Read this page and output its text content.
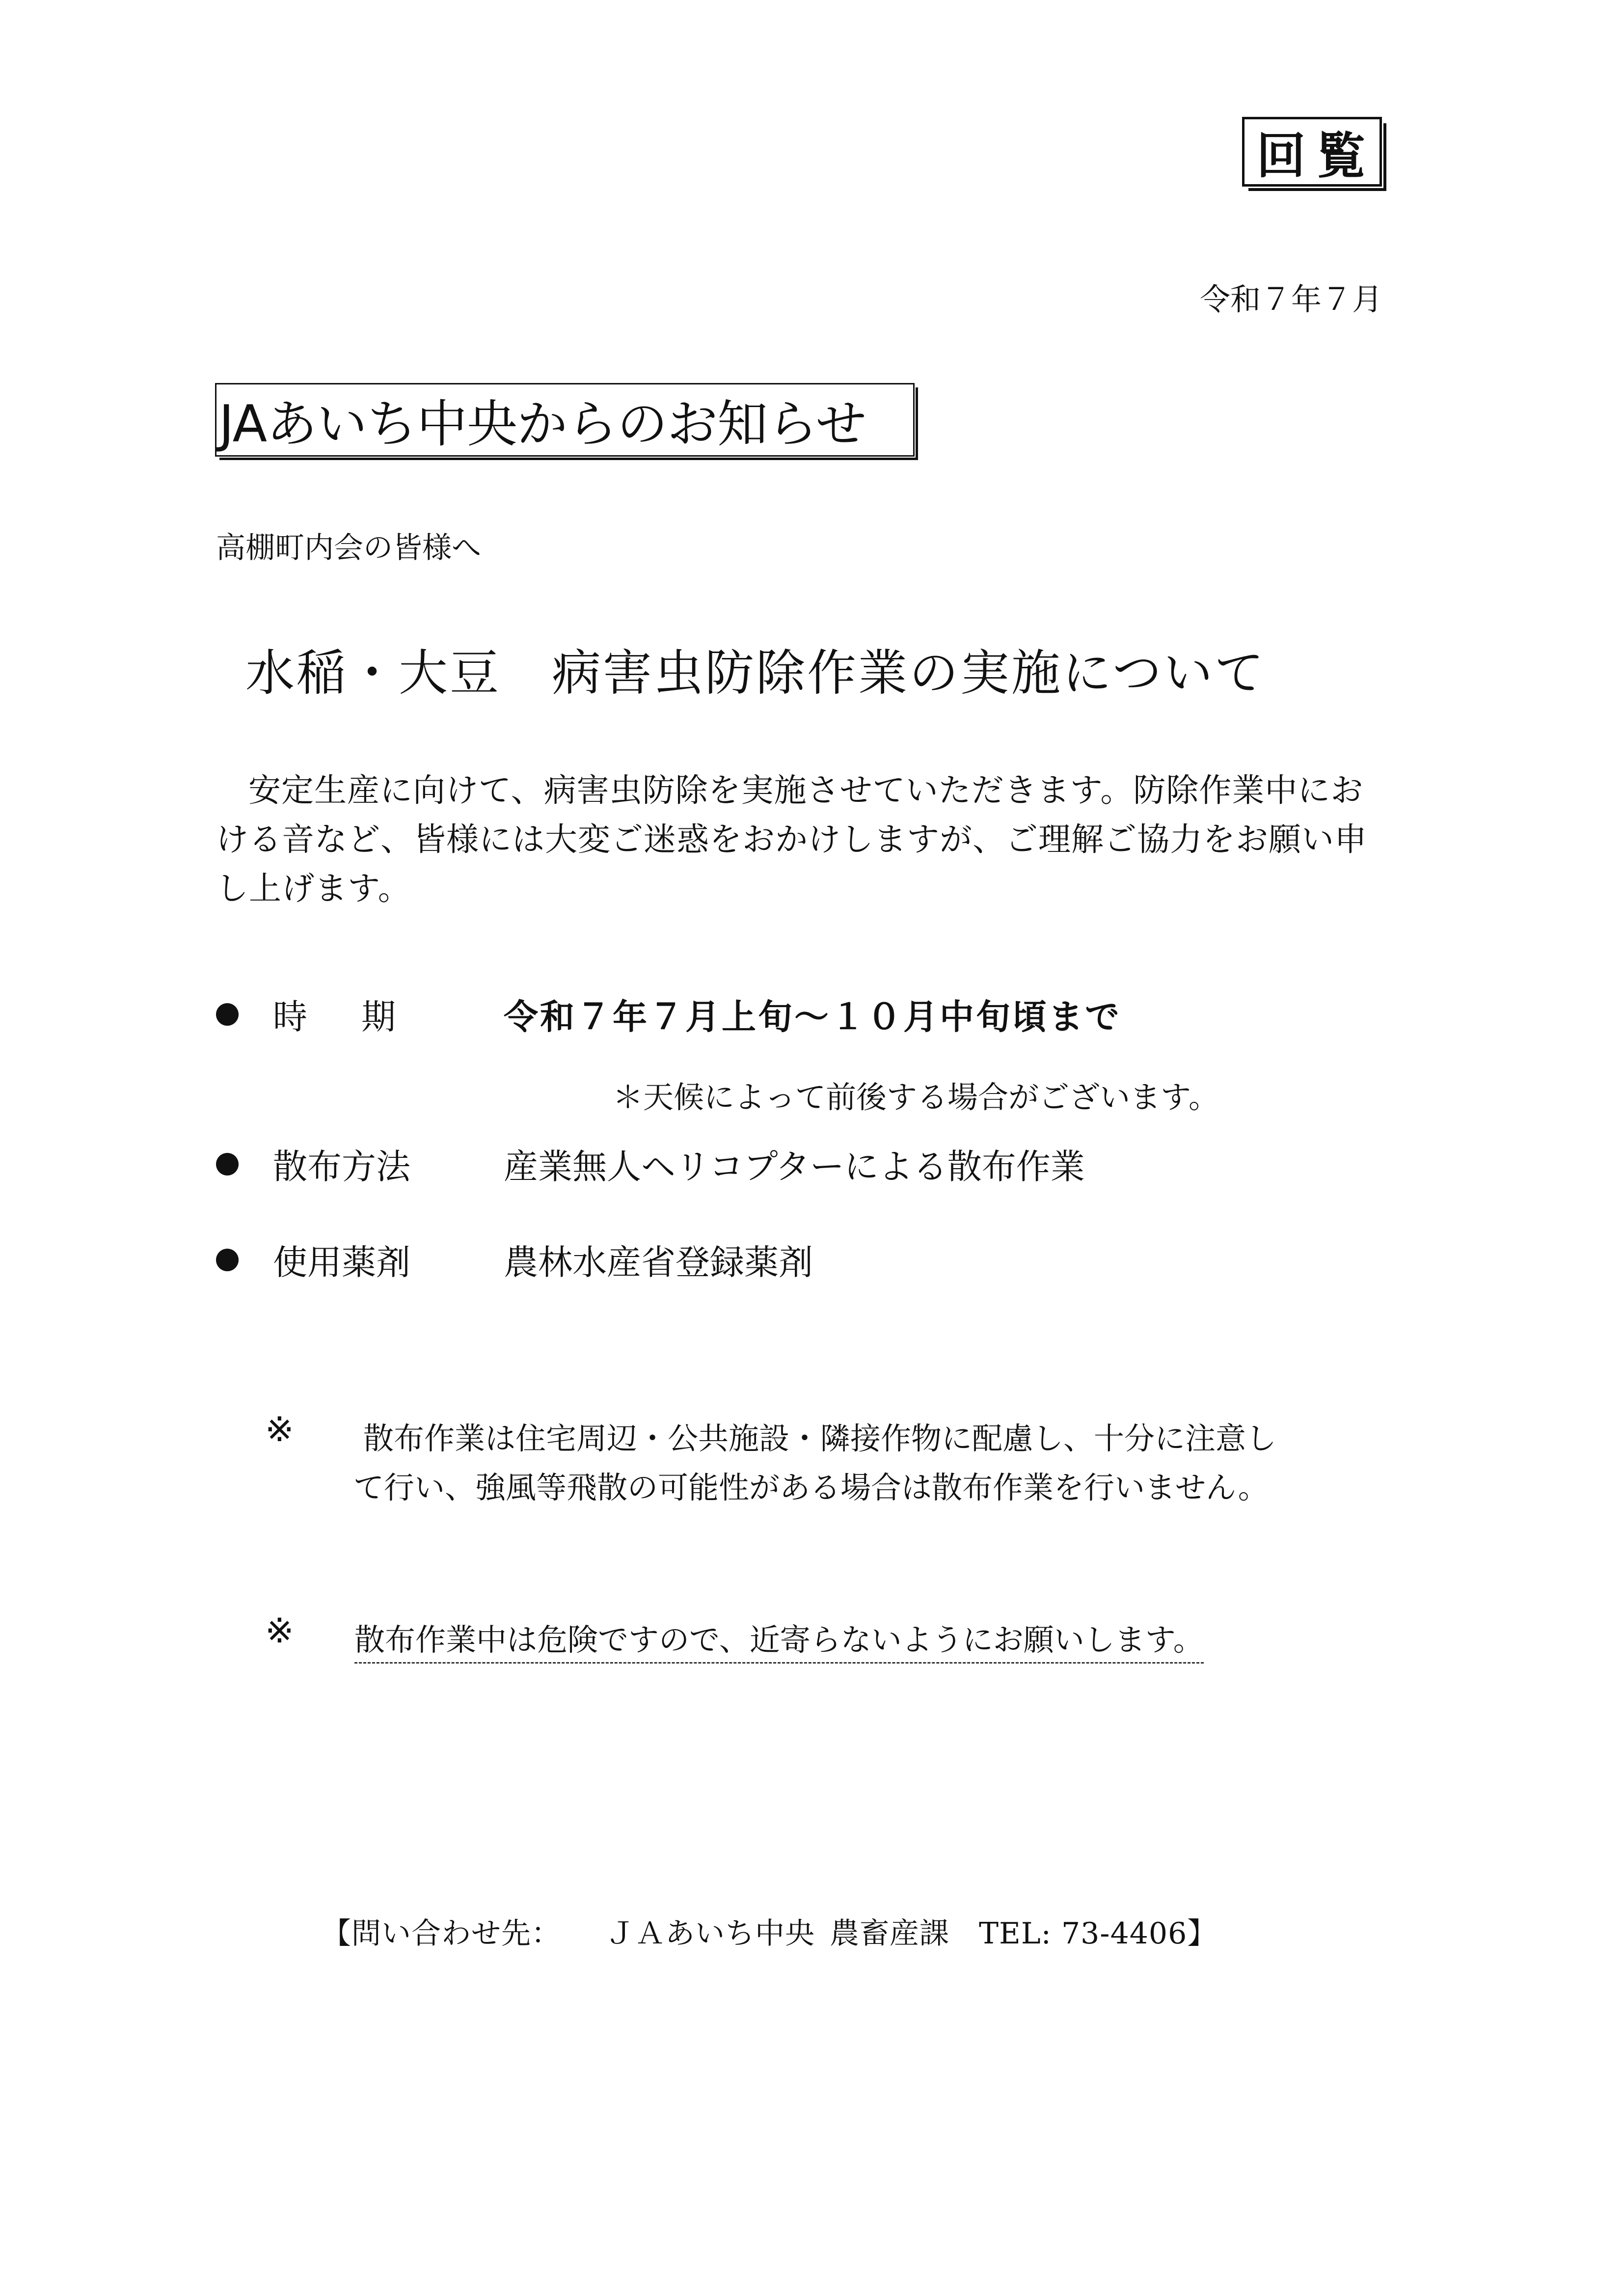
回覧
令和７年７月
JAあいち中央からのお知らせ
高棚町内会の皆様へ
水稲・大豆　病害虫防除作業の実施について
安定生産に向けて、病害虫防除を実施させていただきます。防除作業中における音など、皆様には大変ご迷惑をおかけしますが、ご理解ご協力をお願い申し上げます。
時期	令和７年７月上旬～１０月中旬頃まで
＊天候によって前後する場合がございます。
散布方法	産業無人ヘリコプターによる散布作業
使用薬剤	農林水産省登録薬剤
※	散布作業は住宅周辺・公共施設・隣接作物に配慮し、十分に注意して行い、強風等飛散の可能性がある場合は散布作業を行いません。
※ 散布作業中は危険ですので、近寄らないようにお願いします。
【問い合わせ先： ＪＡあいち中央 農畜産課 TEL: 73-4406】
